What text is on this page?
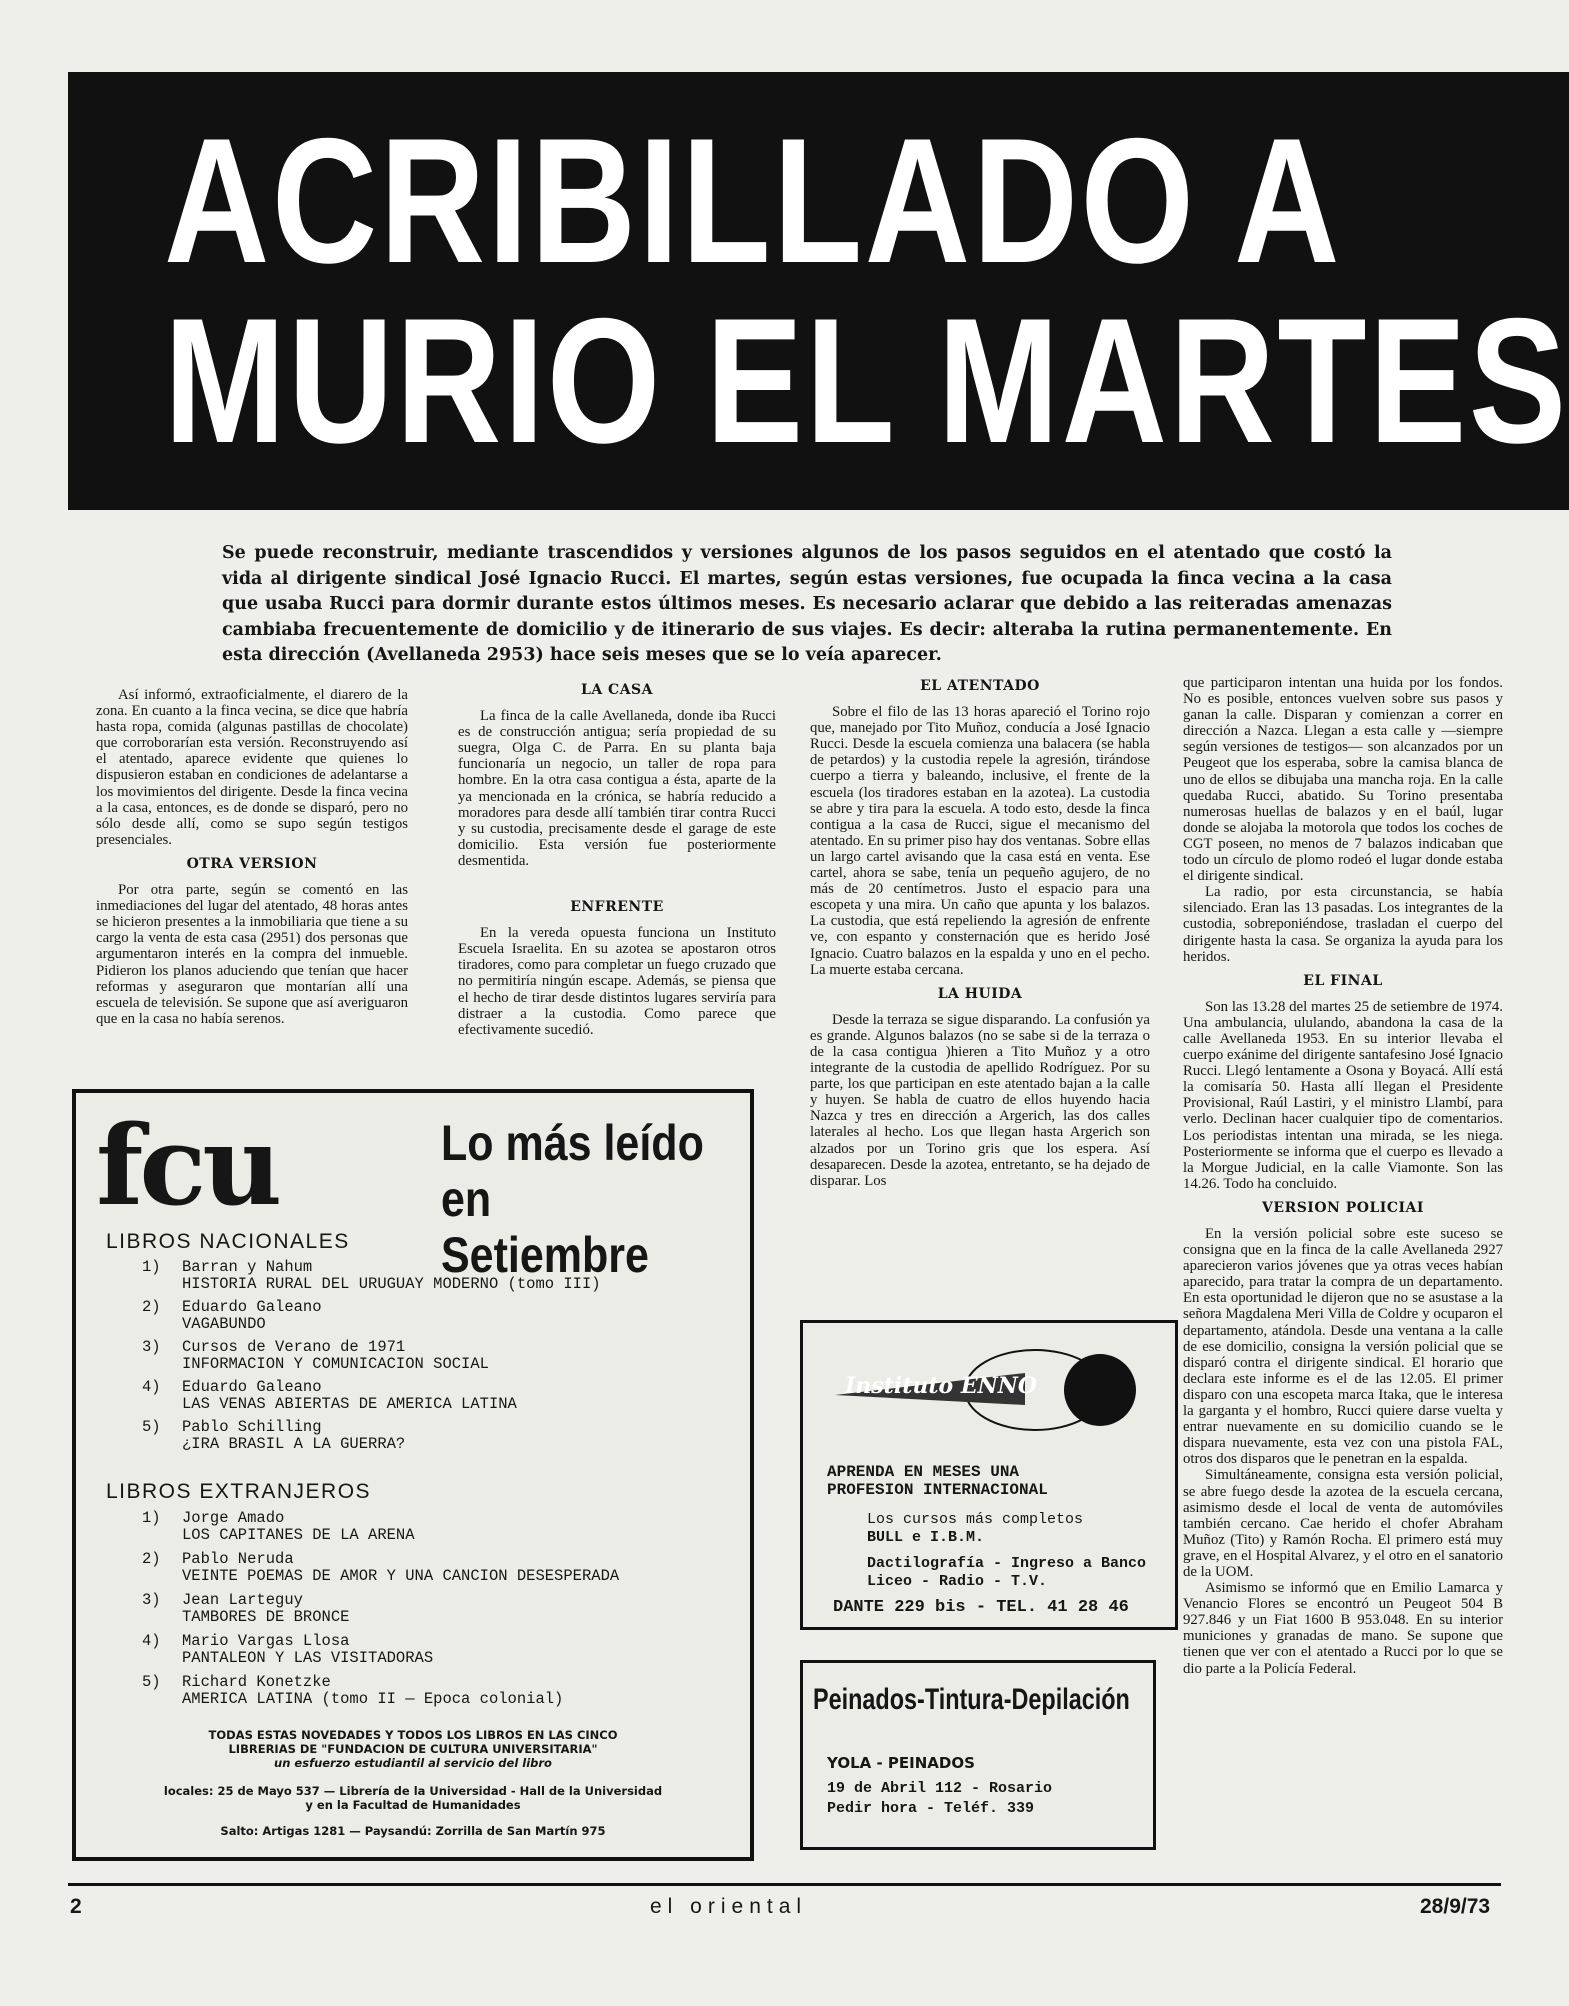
ACRIBILLADO A
MURIO EL MARTES

Se puede reconstruir, mediante trascendidos y versiones algunos de los pasos seguidos en el atentado que costó la vida al dirigente sindical José Ignacio Rucci. El martes, según estas versiones, fue ocupada la finca vecina a la casa que usaba Rucci para dormir durante estos últimos meses. Es necesario aclarar que debido a las reiteradas amenazas cambiaba frecuentemente de domicilio y de itinerario de sus viajes. Es decir: alteraba la rutina permanentemente. En esta dirección (Avellaneda 2953) hace seis meses que se lo veía aparecer.

Así informó, extraoficialmente, el diarero de la zona. En cuanto a la finca vecina, se dice que habría hasta ropa, comida (algunas pastillas de chocolate) que corroborarían esta versión. Reconstruyendo así el atentado, aparece evidente que quienes lo dispusieron estaban en condiciones de adelantarse a los movimientos del dirigente. Desde la finca vecina a la casa, entonces, es de donde se disparó, pero no sólo desde allí, como se supo según testigos presenciales.

OTRA VERSION

Por otra parte, según se comentó en las inmediaciones del lugar del atentado, 48 horas antes se hicieron presentes a la inmobiliaria que tiene a su cargo la venta de esta casa (2951) dos personas que argumentaron interés en la compra del inmueble. Pidieron los planos aduciendo que tenían que hacer reformas y aseguraron que montarían allí una escuela de televisión. Se supone que así averiguaron que en la casa no había serenos.

LA CASA

La finca de la calle Avellaneda, donde iba Rucci es de construcción antigua; sería propiedad de su suegra, Olga C. de Parra. En su planta baja funcionaría un negocio, un taller de ropa para hombre. En la otra casa contigua a ésta, aparte de la ya mencionada en la crónica, se habría reducido a moradores para desde allí también tirar contra Rucci y su custodia, precisamente desde el garage de este domicilio. Esta versión fue posteriormente desmentida.

ENFRENTE

En la vereda opuesta funciona un Instituto Escuela Israelita. En su azotea se apostaron otros tiradores, como para completar un fuego cruzado que no permitiría ningún escape. Además, se piensa que el hecho de tirar desde distintos lugares serviría para distraer a la custodia. Como parece que efectivamente sucedió.

EL ATENTADO

Sobre el filo de las 13 horas apareció el Torino rojo que, manejado por Tito Muñoz, conducía a José Ignacio Rucci. Desde la escuela comienza una balacera (se habla de petardos) y la custodia repele la agresión, tirándose cuerpo a tierra y baleando, inclusive, el frente de la escuela (los tiradores estaban en la azotea). La custodia se abre y tira para la escuela. A todo esto, desde la finca contigua a la casa de Rucci, sigue el mecanismo del atentado. En su primer piso hay dos ventanas. Sobre ellas un largo cartel avisando que la casa está en venta. Ese cartel, ahora se sabe, tenía un pequeño agujero, de no más de 20 centímetros. Justo el espacio para una escopeta y una mira. Un caño que apunta y los balazos. La custodia, que está repeliendo la agresión de enfrente ve, con espanto y consternación que es herido José Ignacio. Cuatro balazos en la espalda y uno en el pecho. La muerte estaba cercana.

LA HUIDA

Desde la terraza se sigue disparando. La confusión ya es grande. Algunos balazos (no se sabe si de la terraza o de la casa contigua )hieren a Tito Muñoz y a otro integrante de la custodia de apellido Rodríguez. Por su parte, los que participan en este atentado bajan a la calle y huyen. Se habla de cuatro de ellos huyendo hacia Nazca y tres en dirección a Argerich, las dos calles laterales al hecho. Los que llegan hasta Argerich son alzados por un Torino gris que los espera. Así desaparecen. Desde la azotea, entretanto, se ha dejado de disparar. Los

que participaron intentan una huida por los fondos. No es posible, entonces vuelven sobre sus pasos y ganan la calle. Disparan y comienzan a correr en dirección a Nazca. Llegan a esta calle y —siempre según versiones de testigos— son alcanzados por un Peugeot que los esperaba, sobre la camisa blanca de uno de ellos se dibujaba una mancha roja. En la calle quedaba Rucci, abatido. Su Torino presentaba numerosas huellas de balazos y en el baúl, lugar donde se alojaba la motorola que todos los coches de CGT poseen, no menos de 7 balazos indicaban que todo un círculo de plomo rodeó el lugar donde estaba el dirigente sindical.

La radio, por esta circunstancia, se había silenciado. Eran las 13 pasadas. Los integrantes de la custodia, sobreponiéndose, trasladan el cuerpo del dirigente hasta la casa. Se organiza la ayuda para los heridos.

EL FINAL

Son las 13.28 del martes 25 de setiembre de 1974. Una ambulancia, ululando, abandona la casa de la calle Avellaneda 1953. En su interior llevaba el cuerpo exánime del dirigente santafesino José Ignacio Rucci. Llegó lentamente a Osona y Boyacá. Allí está la comisaría 50. Hasta allí llegan el Presidente Provisional, Raúl Lastiri, y el ministro Llambí, para verlo. Declinan hacer cualquier tipo de comentarios. Los periodistas intentan una mirada, se les niega. Posteriormente se informa que el cuerpo es llevado a la Morgue Judicial, en la calle Viamonte. Son las 14.26. Todo ha concluido.

VERSION POLICIAI

En la versión policial sobre este suceso se consigna que en la finca de la calle Avellaneda 2927 aparecieron varios jóvenes que ya otras veces habían aparecido, para tratar la compra de un departamento. En esta oportunidad le dijeron que no se asustase a la señora Magdalena Meri Villa de Coldre y ocuparon el departamento, atándola. Desde una ventana a la calle de ese domicilio, consigna la versión policial que se disparó contra el dirigente sindical. El horario que declara este informe es el de las 12.05. El primer disparo con una escopeta marca Itaka, que le interesa la garganta y el hombro, Rucci quiere darse vuelta y entrar nuevamente en su domicilio cuando se le dispara nuevamente, esta vez con una pistola FAL, otros dos disparos que le penetran en la espalda.

Simultáneamente, consigna esta versión policial, se abre fuego desde la azotea de la escuela cercana, asimismo desde el local de venta de automóviles también cercano. Cae herido el chofer Abraham Muñoz (Tito) y Ramón Rocha. El primero está muy grave, en el Hospital Alvarez, y el otro en el sanatorio de la UOM.

Asimismo se informó que en Emilio Lamarca y Venancio Flores se encontró un Peugeot 504 B 927.846 y un Fiat 1600 B 953.048. En su interior municiones y granadas de mano. Se supone que tienen que ver con el atentado a Rucci por lo que se dio parte a la Policía Federal.

fcu	Lo más leído
en Setiembre
LIBROS NACIONALES
1)	Barran y Nahum
HISTORIA RURAL DEL URUGUAY MODERNO (tomo III)
2)	Eduardo Galeano
VAGABUNDO
3)	Cursos de Verano de 1971
INFORMACION Y COMUNICACION SOCIAL
4)	Eduardo Galeano
LAS VENAS ABIERTAS DE AMERICA LATINA
5)	Pablo Schilling
¿IRA BRASIL A LA GUERRA?
LIBROS EXTRANJEROS
1)	Jorge Amado
LOS CAPITANES DE LA ARENA
2)	Pablo Neruda
VEINTE POEMAS DE AMOR Y UNA CANCION DESESPERADA
3)	Jean Larteguy
TAMBORES DE BRONCE
4)	Mario Vargas Llosa
PANTALEON Y LAS VISITADORAS
5)	Richard Konetzke
AMERICA LATINA (tomo II — Epoca colonial)
TODAS ESTAS NOVEDADES Y TODOS LOS LIBROS EN LAS CINCO
LIBRERIAS DE "FUNDACION DE CULTURA UNIVERSITARIA"
un esfuerzo estudiantil al servicio del libro
locales: 25 de Mayo 537 — Librería de la Universidad - Hall de la Universidad
y en la Facultad de Humanidades
Salto: Artigas 1281 — Paysandú: Zorrilla de San Martín 975
Instituto ENNO
APRENDA EN MESES UNA
PROFESION INTERNACIONAL
Los cursos más completos
BULL e I.B.M.
Dactilografía - Ingreso a Banco
Liceo - Radio - T.V.
DANTE 229 bis - TEL. 41 28 46
Peinados-Tintura-Depilación
YOLA - PEINADOS
19 de Abril 112 - Rosario
Pedir hora - Teléf. 339
2	el oriental	28/9/73
